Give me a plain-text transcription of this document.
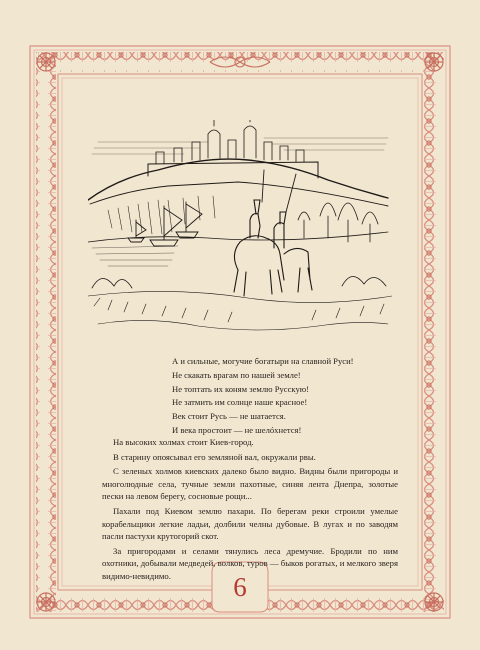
А и сильные, могучие богатыри на славной Руси!
Не скакать врагам по нашей земле!
Не топтать их коням землю Русскую!
Не затмить им солнце наше красное!
Век стоит Русь — не шатается.
И века простоит — не шелóхнется!

На высоких холмах стоит Киев-город.

В старину опоясывал его земляной вал, окружали рвы.

С зеленых холмов киевских далеко было видно. Видны были пригороды и многолюдные села, тучные земли пахотные, синяя лента Днепра, золотые пески на левом берегу, сосновые рощи...

Пахали под Киевом землю пахари. По берегам реки строили умелые корабельщики легкие ладьи, долбили челны дубовые. В лугах и по заводям пасли пастухи крутогорий скот.

За пригородами и селами тянулись леса дремучие. Бродили по ним охотники, добывали медведей, волков, туров — быков рогатых, и мелкого зверя видимо-невидимо.	6
